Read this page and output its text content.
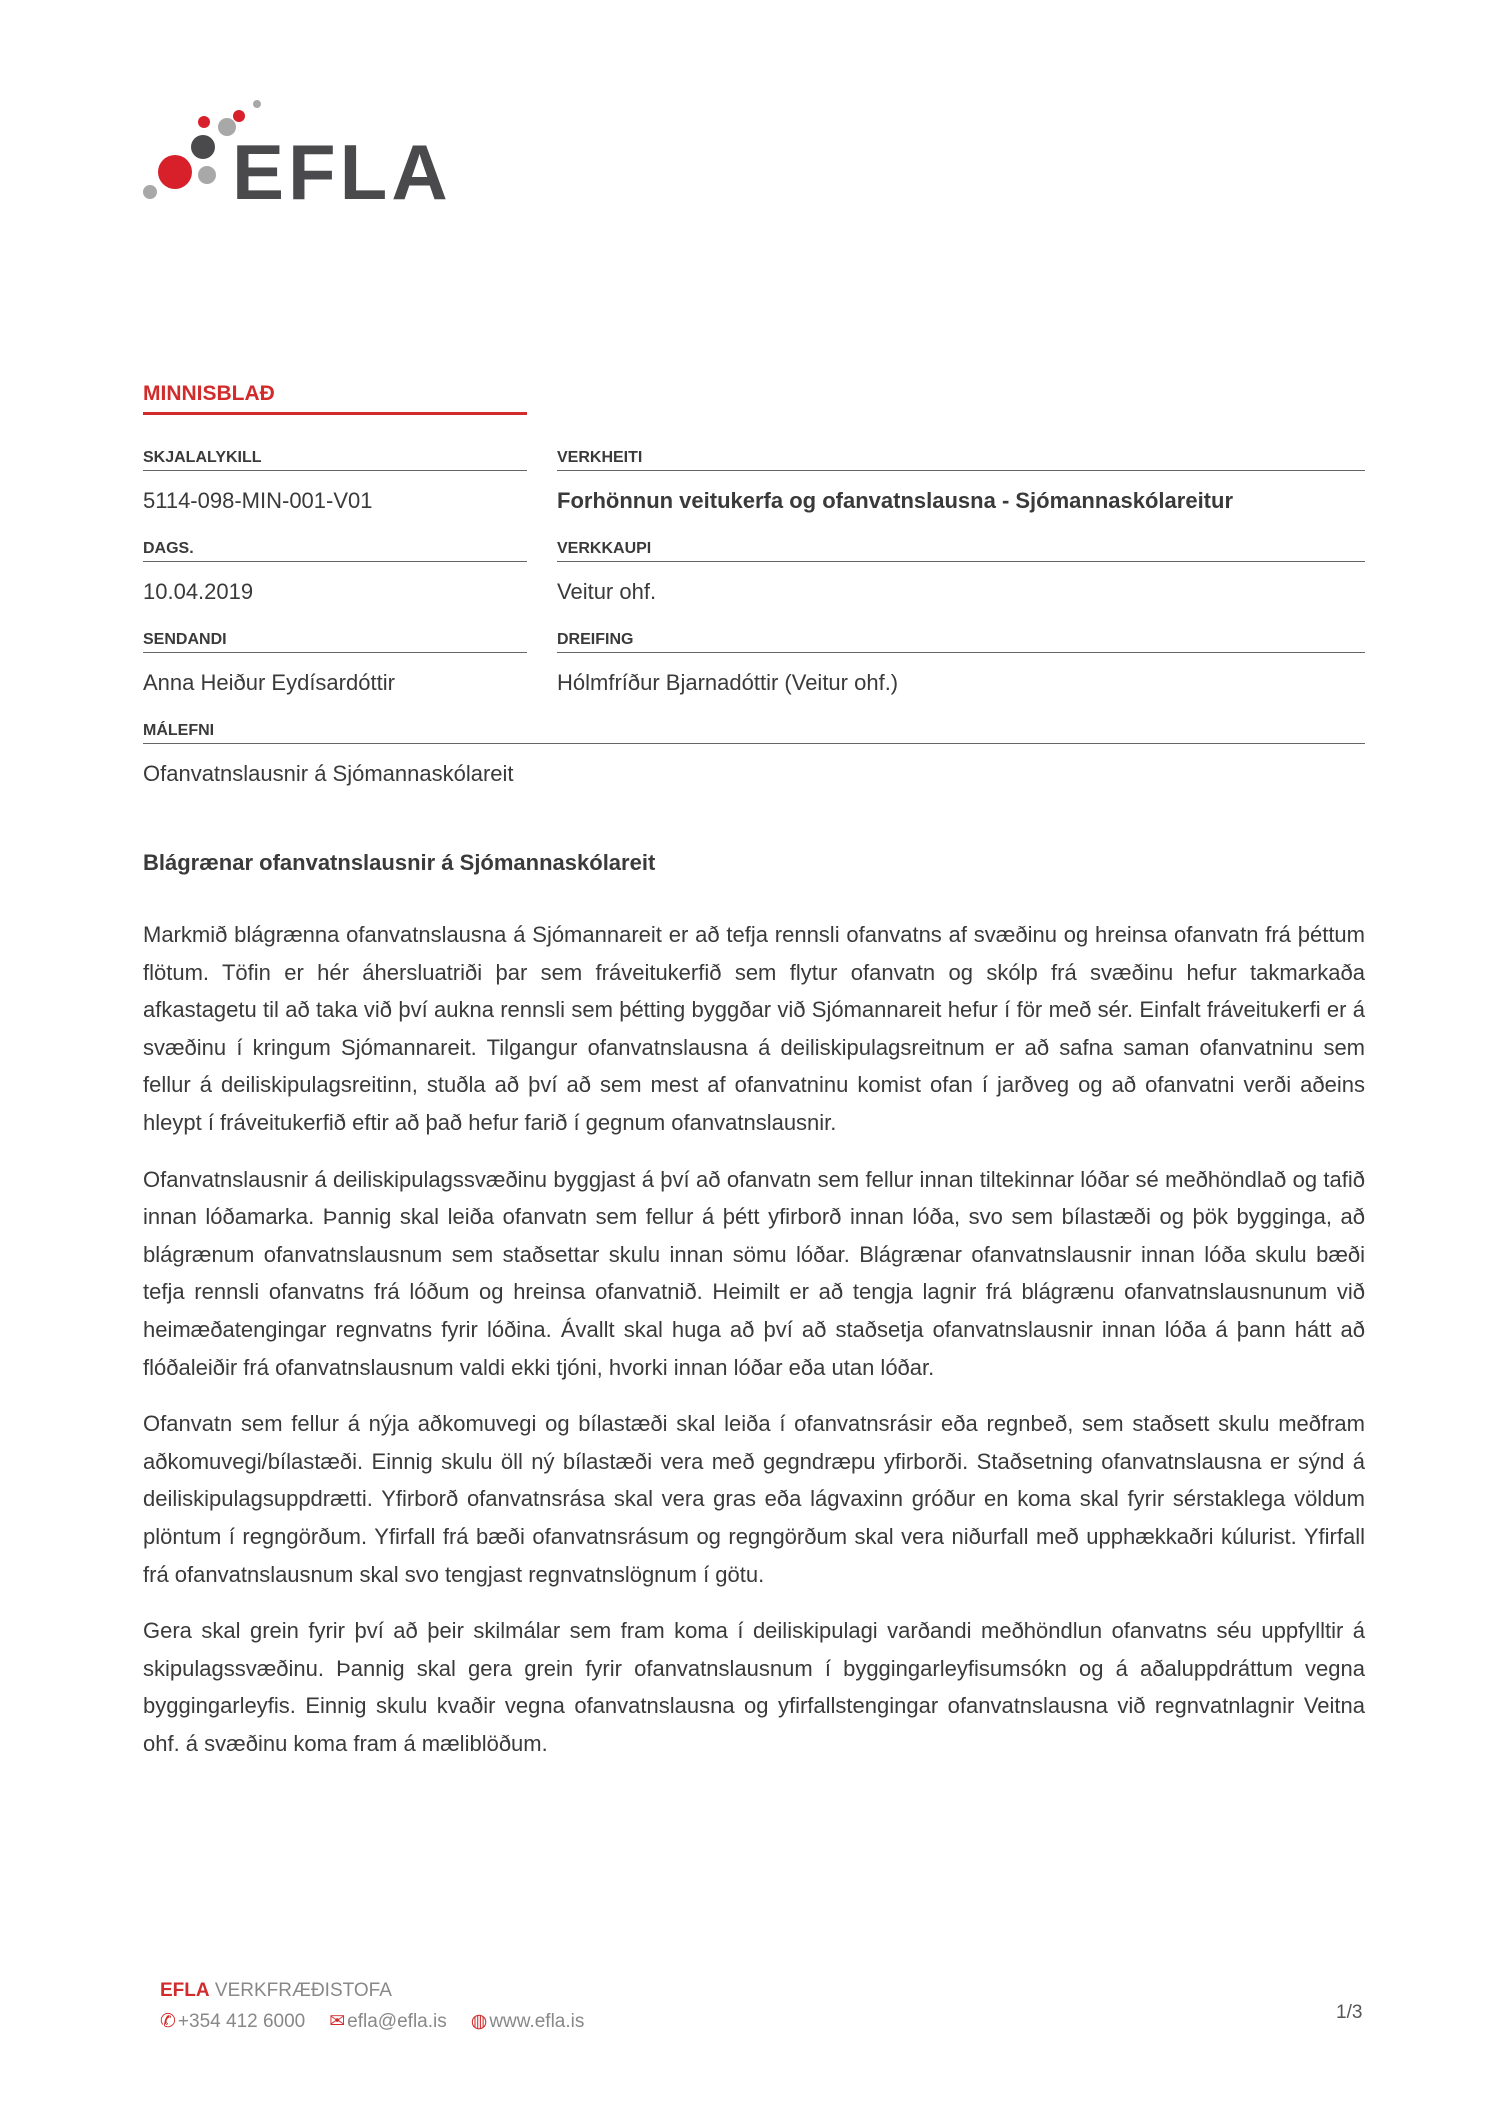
EFLA
MINNISBLAÐ
SKJALALYKILL
5114-098-MIN-001-V01
VERKHEITI
Forhönnun veitukerfa og ofanvatnslausna - Sjómannaskólareitur
DAGS.
10.04.2019
VERKKAUPI
Veitur ohf.
SENDANDI
Anna Heiður Eydísardóttir
DREIFING
Hólmfríður Bjarnadóttir (Veitur ohf.)
MÁLEFNI
Ofanvatnslausnir á Sjómannaskólareit
Blágrænar ofanvatnslausnir á Sjómannaskólareit

Markmið blágrænna ofanvatnslausna á Sjómannareit er að tefja rennsli ofanvatns af svæðinu og hreinsa ofanvatn frá þéttum flötum. Töfin er hér áhersluatriði þar sem fráveitukerfið sem flytur ofanvatn og skólp frá svæðinu hefur takmarkaða afkastagetu til að taka við því aukna rennsli sem þétting byggðar við Sjómannareit hefur í för með sér. Einfalt fráveitukerfi er á svæðinu í kringum Sjómannareit. Tilgangur ofanvatnslausna á deiliskipulagsreitnum er að safna saman ofanvatninu sem fellur á deiliskipulagsreitinn, stuðla að því að sem mest af ofanvatninu komist ofan í jarðveg og að ofanvatni verði aðeins hleypt í fráveitukerfið eftir að það hefur farið í gegnum ofanvatnslausnir.

Ofanvatnslausnir á deiliskipulagssvæðinu byggjast á því að ofanvatn sem fellur innan tiltekinnar lóðar sé meðhöndlað og tafið innan lóðamarka. Þannig skal leiða ofanvatn sem fellur á þétt yfirborð innan lóða, svo sem bílastæði og þök bygginga, að blágrænum ofanvatnslausnum sem staðsettar skulu innan sömu lóðar. Blágrænar ofanvatnslausnir innan lóða skulu bæði tefja rennsli ofanvatns frá lóðum og hreinsa ofanvatnið. Heimilt er að tengja lagnir frá blágrænu ofanvatnslausnunum við heimæðatengingar regnvatns fyrir lóðina. Ávallt skal huga að því að staðsetja ofanvatnslausnir innan lóða á þann hátt að flóðaleiðir frá ofanvatnslausnum valdi ekki tjóni, hvorki innan lóðar eða utan lóðar.

Ofanvatn sem fellur á nýja aðkomuvegi og bílastæði skal leiða í ofanvatnsrásir eða regnbeð, sem staðsett skulu meðfram aðkomuvegi/bílastæði. Einnig skulu öll ný bílastæði vera með gegndræpu yfirborði. Staðsetning ofanvatnslausna er sýnd á deiliskipulagsuppdrætti. Yfirborð ofanvatnsrása skal vera gras eða lágvaxinn gróður en koma skal fyrir sérstaklega völdum plöntum í regngörðum. Yfirfall frá bæði ofanvatnsrásum og regngörðum skal vera niðurfall með upphækkaðri kúlurist. Yfirfall frá ofanvatnslausnum skal svo tengjast regnvatnslögnum í götu.

Gera skal grein fyrir því að þeir skilmálar sem fram koma í deiliskipulagi varðandi meðhöndlun ofanvatns séu uppfylltir á skipulagssvæðinu. Þannig skal gera grein fyrir ofanvatnslausnum í byggingarleyfisumsókn og á aðaluppdráttum vegna byggingarleyfis. Einnig skulu kvaðir vegna ofanvatnslausna og yfirfallstengingar ofanvatnslausna við regnvatnlagnir Veitna ohf. á svæðinu koma fram á mæliblöðum.

EFLA VERKFRÆÐISTOFA
✆ +354 412 6000 ✉ efla@efla.is ◍ www.efla.is	1/3
